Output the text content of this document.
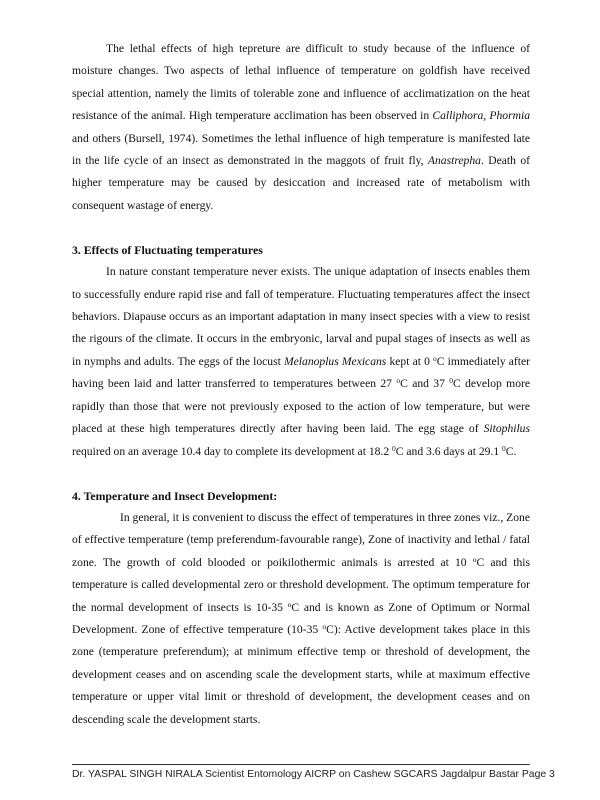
The lethal effects of high tepreture are difficult to study because of the influence of moisture changes. Two aspects of lethal influence of temperature on goldfish have received special attention, namely the limits of tolerable zone and influence of acclimatization on the heat resistance of the animal. High temperature acclimation has been observed in Calliphora, Phormia and others (Bursell, 1974). Sometimes the lethal influence of high temperature is manifested late in the life cycle of an insect as demonstrated in the maggots of fruit fly, Anastrepha. Death of higher temperature may be caused by desiccation and increased rate of metabolism with consequent wastage of energy.

3. Effects of Fluctuating temperatures

In nature constant temperature never exists. The unique adaptation of insects enables them to successfully endure rapid rise and fall of temperature. Fluctuating temperatures affect the insect behaviors. Diapause occurs as an important adaptation in many insect species with a view to resist the rigours of the climate. It occurs in the embryonic, larval and pupal stages of insects as well as in nymphs and adults. The eggs of the locust Melanoplus Mexicans kept at 0 $^o$C immediately after having been laid and latter transferred to temperatures between 27 $^o$C and 37 $^0$C develop more rapidly than those that were not previously exposed to the action of low temperature, but were placed at these high temperatures directly after having been laid. The egg stage of Sitophilus required on an average 10.4 day to complete its development at 18.2 $^0$C and 3.6 days at 29.1 $^0$C.

4. Temperature and Insect Development:

In general, it is convenient to discuss the effect of temperatures in three zones viz., Zone of effective temperature (temp preferendum-favourable range), Zone of inactivity and lethal / fatal zone. The growth of cold blooded or poikilothermic animals is arrested at 10 $^o$C and this temperature is called developmental zero or threshold development. The optimum temperature for the normal development of insects is 10-35 $^o$C and is known as Zone of Optimum or Normal Development. Zone of effective temperature (10-35 $^o$C): Active development takes place in this zone (temperature preferendum); at minimum effective temp or threshold of development, the development ceases and on ascending scale the development starts, while at maximum effective temperature or upper vital limit or threshold of development, the development ceases and on descending scale the development starts.

Dr. YASPAL SINGH NIRALA Scientist Entomology AICRP on Cashew SGCARS Jagdalpur Bastar Page 3
